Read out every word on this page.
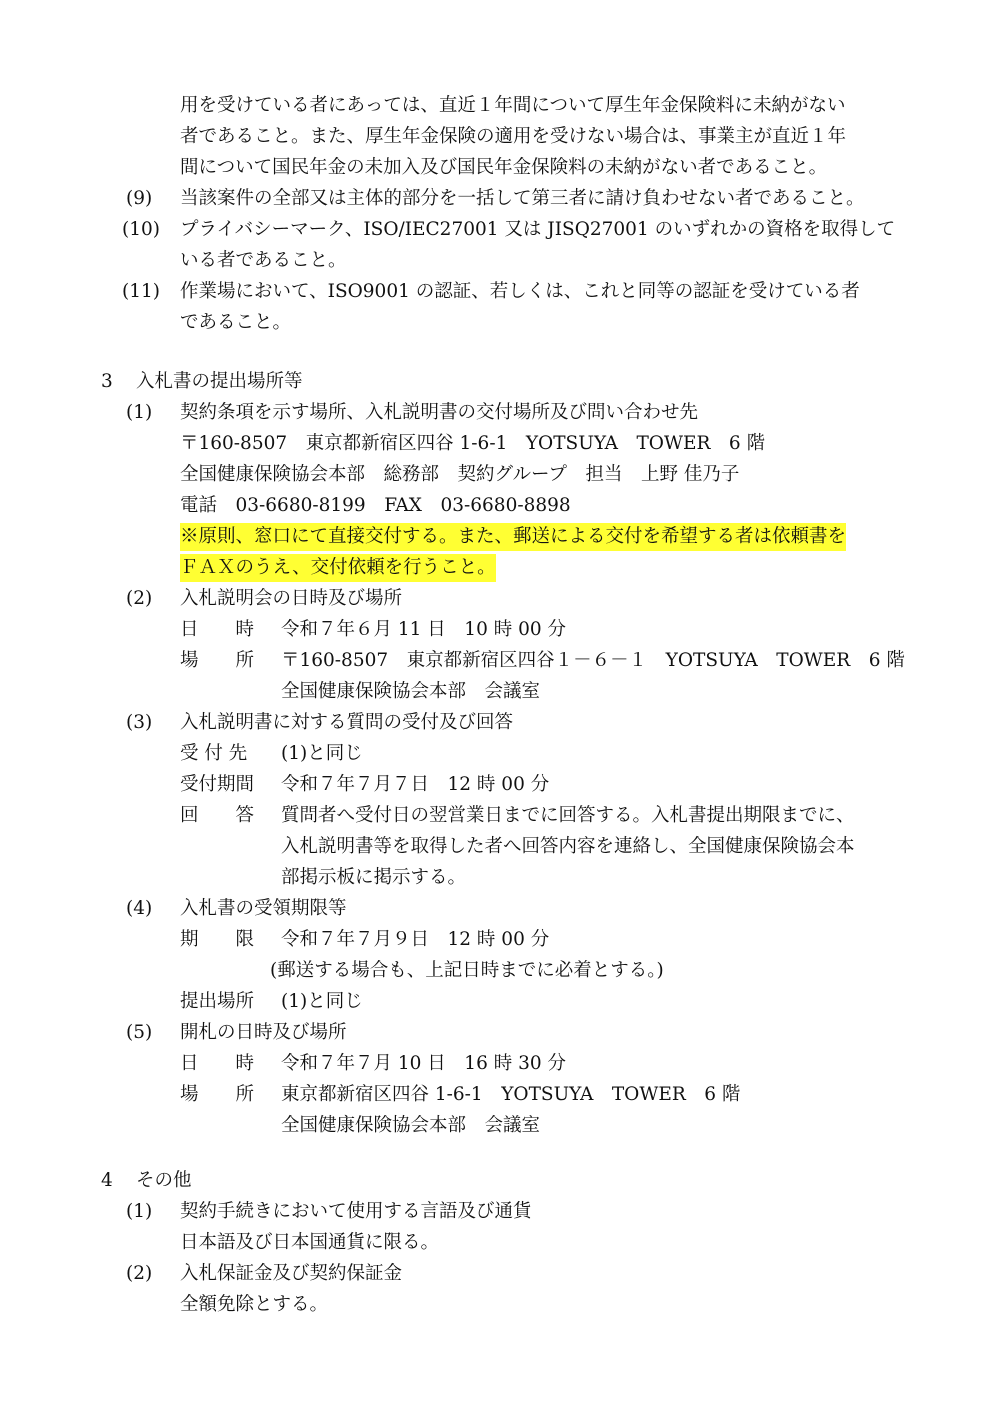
用を受けている者にあっては、直近１年間について厚生年金保険料に未納がない
者であること。また、厚生年金保険の適用を受けない場合は、事業主が直近１年
間について国民年金の未加入及び国民年金保険料の未納がない者であること。
(9) 当該案件の全部又は主体的部分を一括して第三者に請け負わせない者であること。
(10) プライバシーマーク、ISO/IEC27001 又は JISQ27001 のいずれかの資格を取得して
いる者であること。
(11) 作業場において、ISO9001 の認証、若しくは、これと同等の認証を受けている者
であること。
3 入札書の提出場所等
(1) 契約条項を示す場所、入札説明書の交付場所及び問い合わせ先
〒160-8507　東京都新宿区四谷 1-6-1　YOTSUYA　TOWER　6 階
全国健康保険協会本部　総務部　契約グループ　担当　上野 佳乃子
電話　03-6680-8199　FAX　03-6680-8898
※原則、窓口にて直接交付する。また、郵送による交付を希望する者は依頼書を
ＦＡＸのうえ、交付依頼を行うこと。
(2) 入札説明会の日時及び場所
日　　時 令和７年６月 11 日　10 時 00 分
場　　所 〒160-8507　東京都新宿区四谷１－６－１　YOTSUYA　TOWER　6 階
全国健康保険協会本部　会議室
(3) 入札説明書に対する質問の受付及び回答
受 付 先 (1)と同じ
受付期間 令和７年７月７日　12 時 00 分
回　　答 質問者へ受付日の翌営業日までに回答する。入札書提出期限までに、
入札説明書等を取得した者へ回答内容を連絡し、全国健康保険協会本
部掲示板に掲示する。
(4) 入札書の受領期限等
期　　限 令和７年７月９日　12 時 00 分
(郵送する場合も、上記日時までに必着とする。)
提出場所 (1)と同じ
(5) 開札の日時及び場所
日　　時 令和７年７月 10 日　16 時 30 分
場　　所 東京都新宿区四谷 1-6-1　YOTSUYA　TOWER　6 階
全国健康保険協会本部　会議室
4 その他
(1) 契約手続きにおいて使用する言語及び通貨
日本語及び日本国通貨に限る。
(2) 入札保証金及び契約保証金
全額免除とする。
